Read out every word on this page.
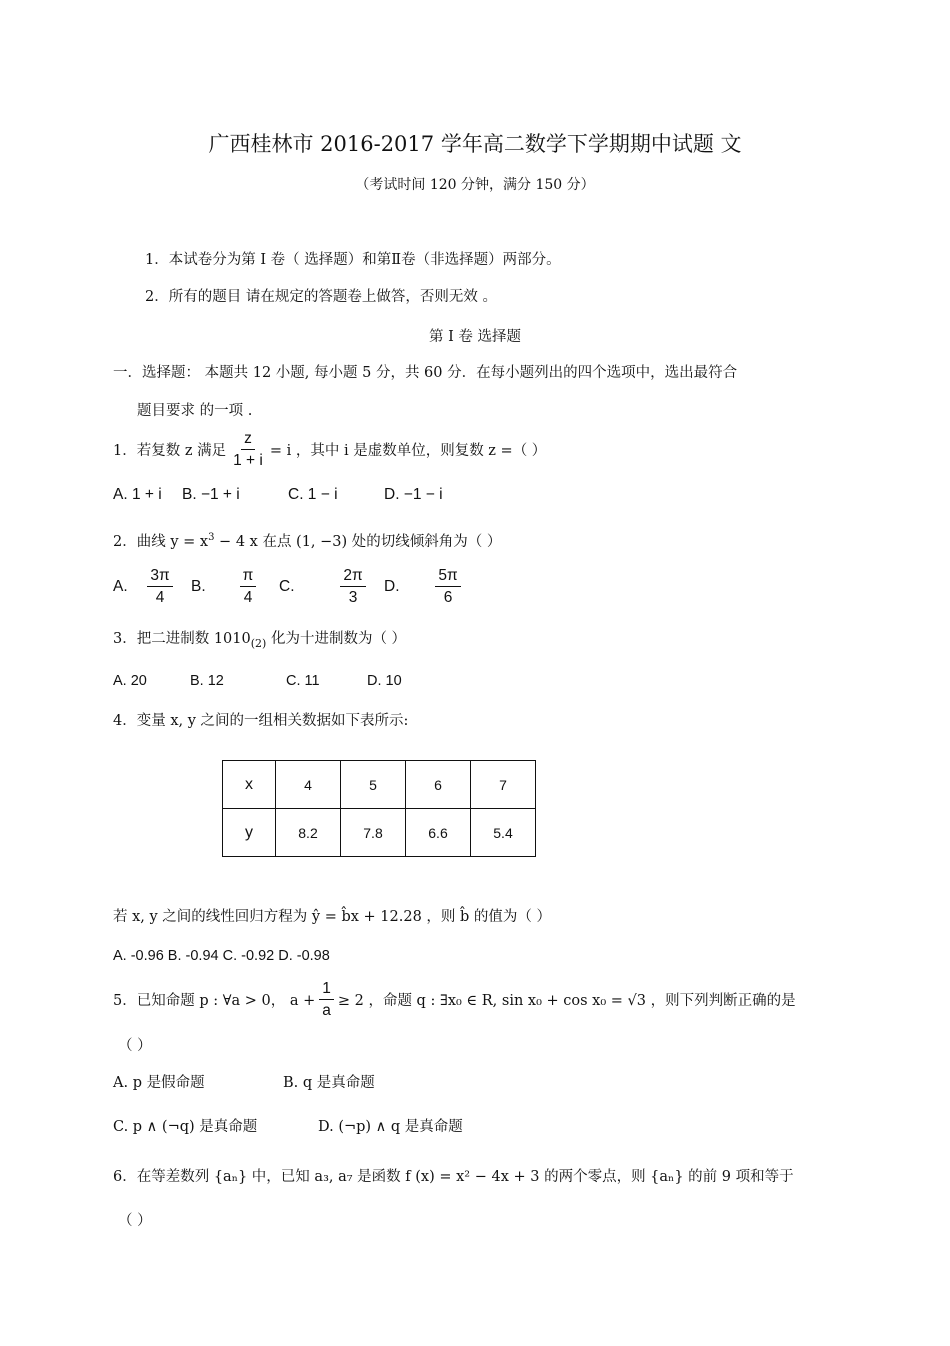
广西桂林市 2016-2017 学年高二数学下学期期中试题 文
（考试时间 120 分钟，满分 150 分）
1．本试卷分为第 I 卷（ 选择题）和第Ⅱ卷（非选择题）两部分。
2．所有的题目 请在规定的答题卷上做答，否则无效 。
第 I 卷 选择题
一．选择题： 本题共 12 小题, 每小题 5 分，共 60 分．在每小题列出的四个选项中，选出最符合
题目要求 的一项 .
1．若复数 z 满足 $\frac{z}{1 + i} = i$ ，其中 i 是虚数单位，则复数 z =（ ）
A. 1 + i B. −1 + i	C. 1 − i	D. −1 − i
2．曲线 $y = x^3 - 4$ x 在点 (1, −3) 处的切线倾斜角为（ ）
A.	$\frac{3\pi}{4} B$.	$\frac{\pi}{4} C$.	$\frac{2\pi}{3} D$.	$\frac{5\pi}{6}$
3．把二进制数 $1010_{(2)}$ 化为十进制数为（ ）
A. 20	B. 12	C. 11	D. 10
4．变量 x, y 之间的一组相关数据如下表所示:
x	4	5	6	7
y	8.2	7.8	6.6	5.4
若 x, y 之间的线性回归方程为 ŷ = b̂x + 12.28 ，则 b̂ 的值为（ ）
A. -0.96 B. -0.94 C. -0.92 D. -0.98
5．已知命题 p : ∀a > 0， $a + \frac{1}{a} \ge 2$ ，命题 q : ∃x₀ ∈ R, sin x₀ + cos x₀ = √3 ，则下列判断正确的是
（ ）
A. p 是假命题	B. q 是真命题
C. p ∧ (¬q) 是真命题	D. (¬p) ∧ q 是真命题
6．在等差数列 {aₙ} 中，已知 a₃, a₇ 是函数 f (x) = x² − 4x + 3 的两个零点，则 {aₙ} 的前 9 项和等于
（ ）
